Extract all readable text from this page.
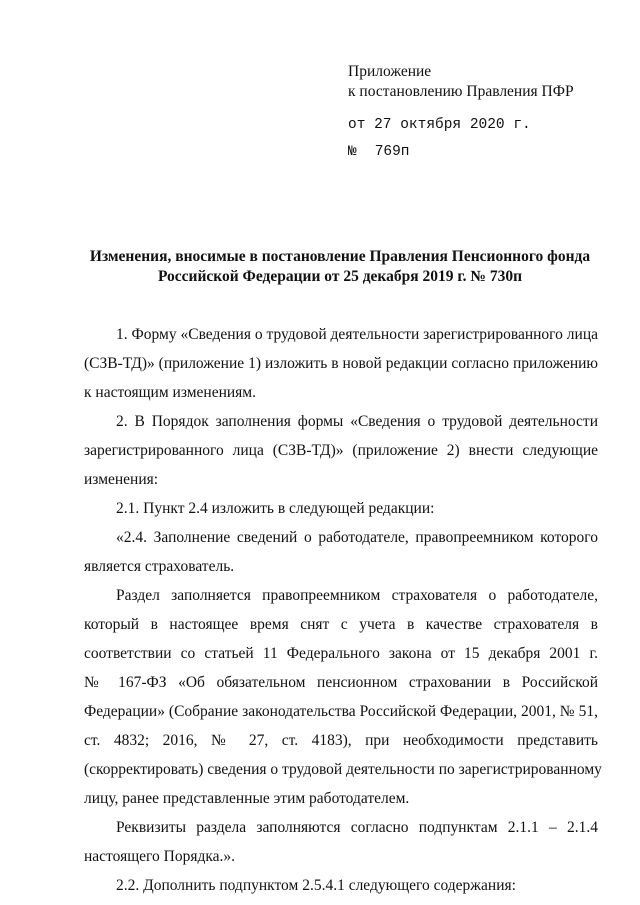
Приложение
к постановлению Правления ПФР
от 27 октября 2020 г.
№ 769п
Изменения, вносимые в постановление Правления Пенсионного фонда
Российской Федерации от 25 декабря 2019 г. № 730п

1. Форму «Сведения о трудовой деятельности зарегистрированного лица
(СЗВ-ТД)» (приложение 1) изложить в новой редакции согласно приложению
к настоящим изменениям.

2. В Порядок заполнения формы «Сведения о трудовой деятельности
зарегистрированного лица (СЗВ-ТД)» (приложение 2) внести следующие
изменения:

2.1. Пункт 2.4 изложить в следующей редакции:

«2.4. Заполнение сведений о работодателе, правопреемником которого
является страхователь.

Раздел заполняется правопреемником страхователя о работодателе,
который в настоящее время снят с учета в качестве страхователя в
соответствии со статьей 11 Федерального закона от 15 декабря 2001 г.
№ 167-ФЗ «Об обязательном пенсионном страховании в Российской
Федерации» (Собрание законодательства Российской Федерации, 2001, № 51,
ст. 4832; 2016, № 27, ст. 4183), при необходимости представить
(скорректировать) сведения о трудовой деятельности по зарегистрированному
лицу, ранее представленные этим работодателем.

Реквизиты раздела заполняются согласно подпунктам 2.1.1 – 2.1.4
настоящего Порядка.».

2.2. Дополнить подпунктом 2.5.4.1 следующего содержания:
